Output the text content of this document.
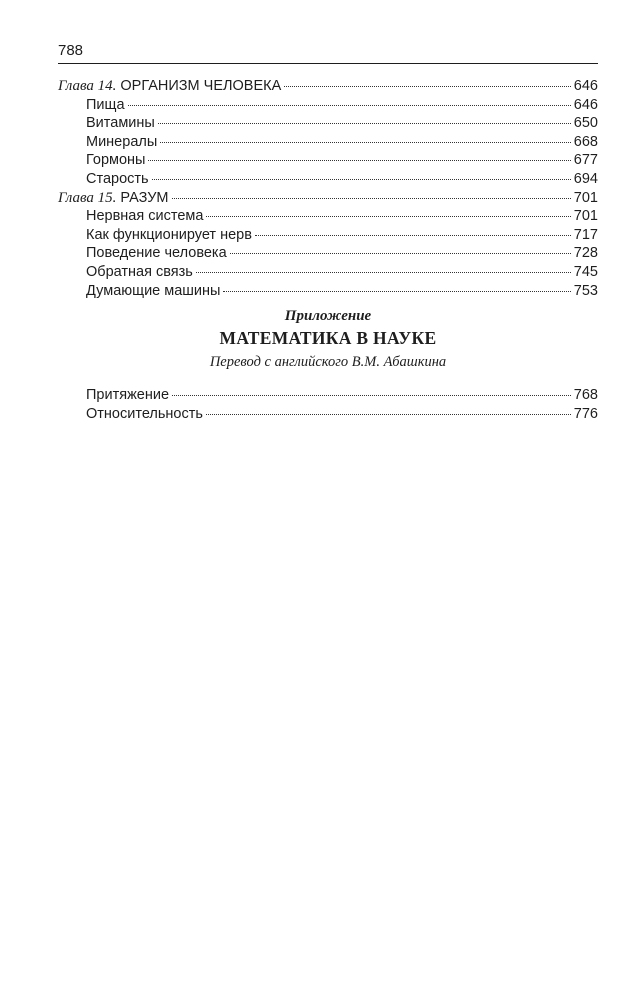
788
Глава 14. ОРГАНИЗМ ЧЕЛОВЕКА	646
Пища	646
Витамины	650
Минералы	668
Гормоны	677
Старость	694
Глава 15. РАЗУМ	701
Нервная система	701
Как функционирует нерв	717
Поведение человека	728
Обратная связь	745
Думающие машины	753
Приложение
МАТЕМАТИКА В НАУКЕ
Перевод с английского В.М. Абашкина
Притяжение	768
Относительность	776
